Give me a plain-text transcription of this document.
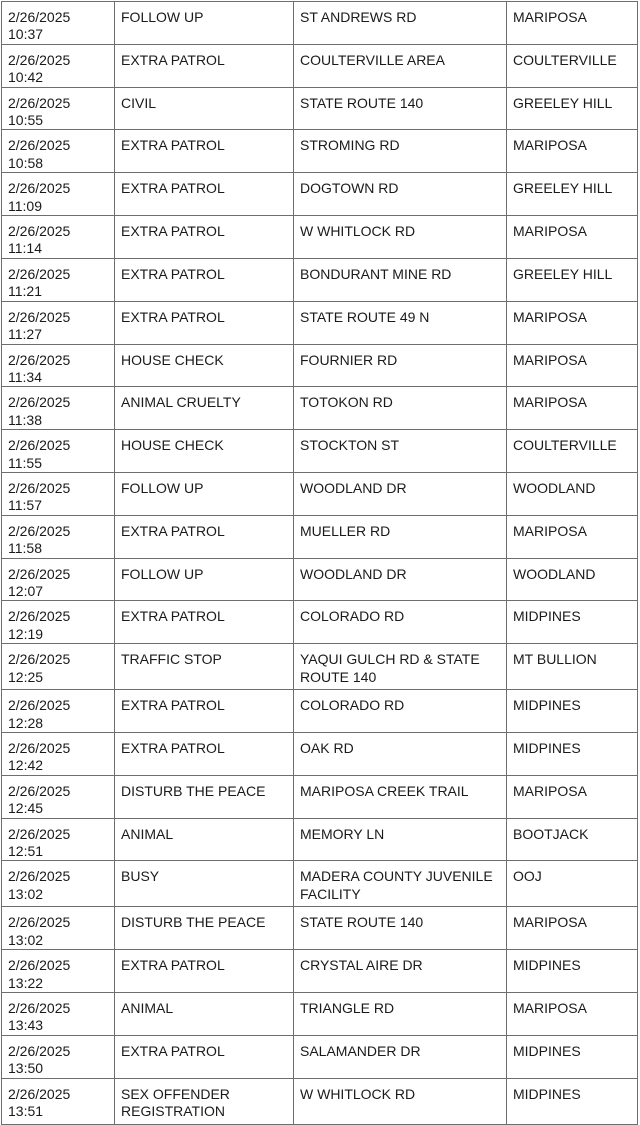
2/26/2025 10:37	FOLLOW UP	ST ANDREWS RD	MARIPOSA
2/26/2025 10:42	EXTRA PATROL	COULTERVILLE AREA	COULTERVILLE
2/26/2025 10:55	CIVIL	STATE ROUTE 140	GREELEY HILL
2/26/2025 10:58	EXTRA PATROL	STROMING RD	MARIPOSA
2/26/2025 11:09	EXTRA PATROL	DOGTOWN RD	GREELEY HILL
2/26/2025 11:14	EXTRA PATROL	W WHITLOCK RD	MARIPOSA
2/26/2025 11:21	EXTRA PATROL	BONDURANT MINE RD	GREELEY HILL
2/26/2025 11:27	EXTRA PATROL	STATE ROUTE 49 N	MARIPOSA
2/26/2025 11:34	HOUSE CHECK	FOURNIER RD	MARIPOSA
2/26/2025 11:38	ANIMAL CRUELTY	TOTOKON RD	MARIPOSA
2/26/2025 11:55	HOUSE CHECK	STOCKTON ST	COULTERVILLE
2/26/2025 11:57	FOLLOW UP	WOODLAND DR	WOODLAND
2/26/2025 11:58	EXTRA PATROL	MUELLER RD	MARIPOSA
2/26/2025 12:07	FOLLOW UP	WOODLAND DR	WOODLAND
2/26/2025 12:19	EXTRA PATROL	COLORADO RD	MIDPINES
2/26/2025 12:25	TRAFFIC STOP	YAQUI GULCH RD & STATE ROUTE 140	MT BULLION
2/26/2025 12:28	EXTRA PATROL	COLORADO RD	MIDPINES
2/26/2025 12:42	EXTRA PATROL	OAK RD	MIDPINES
2/26/2025 12:45	DISTURB THE PEACE	MARIPOSA CREEK TRAIL	MARIPOSA
2/26/2025 12:51	ANIMAL	MEMORY LN	BOOTJACK
2/26/2025 13:02	BUSY	MADERA COUNTY JUVENILE FACILITY	OOJ
2/26/2025 13:02	DISTURB THE PEACE	STATE ROUTE 140	MARIPOSA
2/26/2025 13:22	EXTRA PATROL	CRYSTAL AIRE DR	MIDPINES
2/26/2025 13:43	ANIMAL	TRIANGLE RD	MARIPOSA
2/26/2025 13:50	EXTRA PATROL	SALAMANDER DR	MIDPINES
2/26/2025 13:51	SEX OFFENDER REGISTRATION	W WHITLOCK RD	MIDPINES
